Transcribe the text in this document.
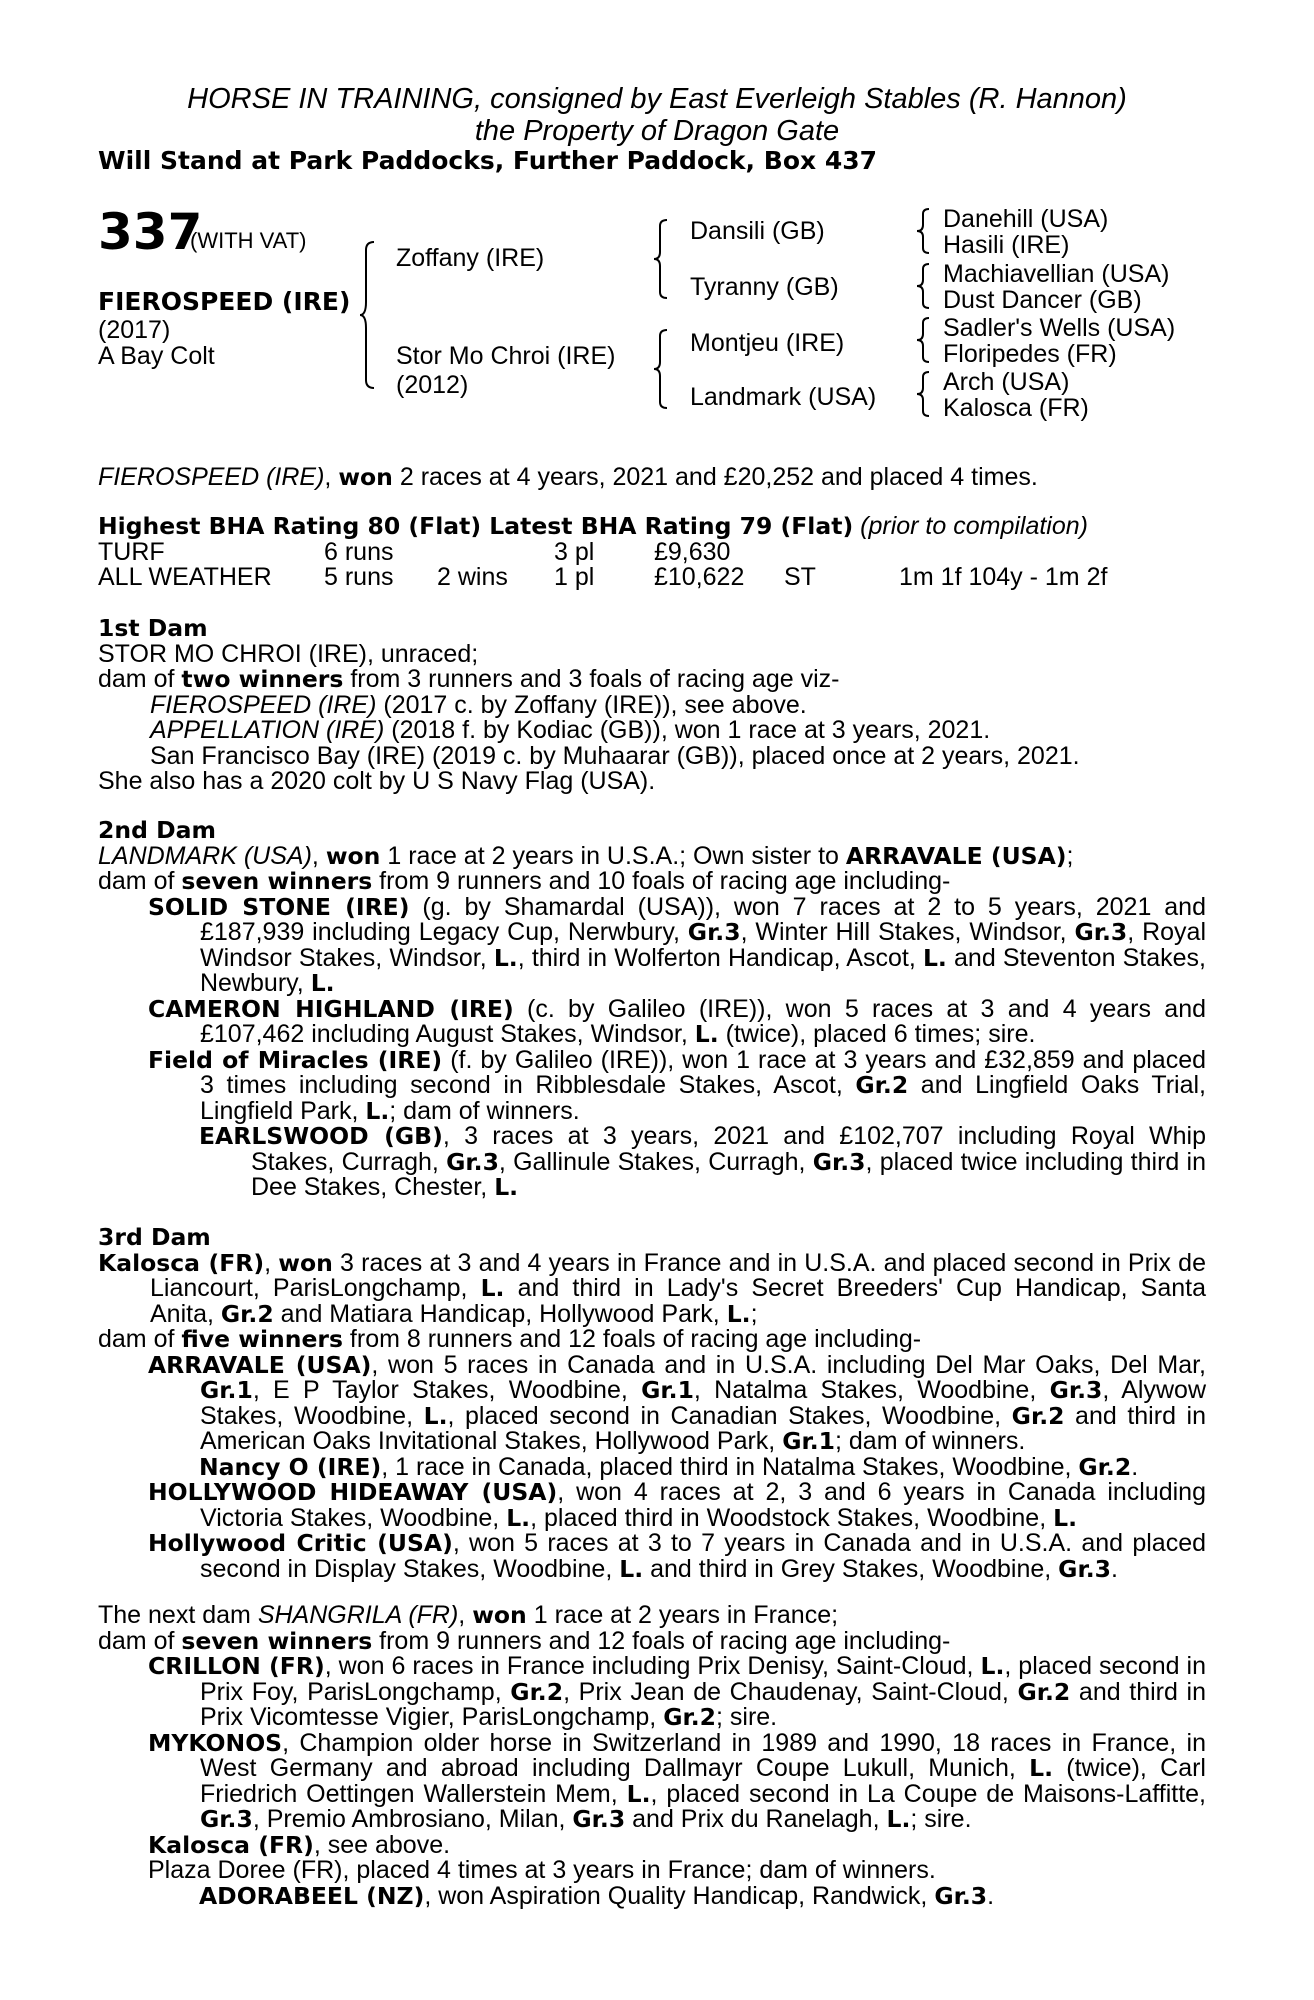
HORSE IN TRAINING, consigned by East Everleigh Stables (R. Hannon)
the Property of Dragon Gate
Will Stand at Park Paddocks, Further Paddock, Box 437
337
(WITH VAT)
FIEROSPEED (IRE)
(2017)
A Bay Colt
Zoffany (IRE)
Stor Mo Chroi (IRE)
(2012)
Dansili (GB)
Tyranny (GB)
Montjeu (IRE)
Landmark (USA)
Danehill (USA)
Hasili (IRE)
Machiavellian (USA)
Dust Dancer (GB)
Sadler's Wells (USA)
Floripedes (FR)
Arch (USA)
Kalosca (FR)

FIEROSPEED (IRE), won 2 races at 4 years, 2021 and £20,252 and placed 4 times.

Highest BHA Rating 80 (Flat) Latest BHA Rating 79 (Flat) (prior to compilation)

TURF	6 runs		3 pl	£9,630		
ALL WEATHER	5 runs	2 wins	1 pl	£10,622	ST	1m 1f 104y - 1m 2f

1st Dam

STOR MO CHROI (IRE), unraced;

dam of two winners from 3 runners and 3 foals of racing age viz-

FIEROSPEED (IRE) (2017 c. by Zoffany (IRE)), see above.

APPELLATION (IRE) (2018 f. by Kodiac (GB)), won 1 race at 3 years, 2021.

San Francisco Bay (IRE) (2019 c. by Muhaarar (GB)), placed once at 2 years, 2021.

She also has a 2020 colt by U S Navy Flag (USA).

2nd Dam

LANDMARK (USA), won 1 race at 2 years in U.S.A.; Own sister to ARRAVALE (USA);

dam of seven winners from 9 runners and 10 foals of racing age including-

SOLID STONE (IRE) (g. by Shamardal (USA)), won 7 races at 2 to 5 years, 2021 and £187,939 including Legacy Cup, Nerwbury, Gr.3, Winter Hill Stakes, Windsor, Gr.3, Royal Windsor Stakes, Windsor, L., third in Wolferton Handicap, Ascot, L. and Steventon Stakes, Newbury, L.

CAMERON HIGHLAND (IRE) (c. by Galileo (IRE)), won 5 races at 3 and 4 years and £107,462 including August Stakes, Windsor, L. (twice), placed 6 times; sire.

Field of Miracles (IRE) (f. by Galileo (IRE)), won 1 race at 3 years and £32,859 and placed 3 times including second in Ribblesdale Stakes, Ascot, Gr.2 and Lingfield Oaks Trial, Lingfield Park, L.; dam of winners.

EARLSWOOD (GB), 3 races at 3 years, 2021 and £102,707 including Royal Whip Stakes, Curragh, Gr.3, Gallinule Stakes, Curragh, Gr.3, placed twice including third in Dee Stakes, Chester, L.

3rd Dam

Kalosca (FR), won 3 races at 3 and 4 years in France and in U.S.A. and placed second in Prix de Liancourt, ParisLongchamp, L. and third in Lady's Secret Breeders' Cup Handicap, Santa Anita, Gr.2 and Matiara Handicap, Hollywood Park, L.;

dam of five winners from 8 runners and 12 foals of racing age including-

ARRAVALE (USA), won 5 races in Canada and in U.S.A. including Del Mar Oaks, Del Mar, Gr.1, E P Taylor Stakes, Woodbine, Gr.1, Natalma Stakes, Woodbine, Gr.3, Alywow Stakes, Woodbine, L., placed second in Canadian Stakes, Woodbine, Gr.2 and third in American Oaks Invitational Stakes, Hollywood Park, Gr.1; dam of winners.

Nancy O (IRE), 1 race in Canada, placed third in Natalma Stakes, Woodbine, Gr.2.

HOLLYWOOD HIDEAWAY (USA), won 4 races at 2, 3 and 6 years in Canada including Victoria Stakes, Woodbine, L., placed third in Woodstock Stakes, Woodbine, L.

Hollywood Critic (USA), won 5 races at 3 to 7 years in Canada and in U.S.A. and placed second in Display Stakes, Woodbine, L. and third in Grey Stakes, Woodbine, Gr.3.

The next dam SHANGRILA (FR), won 1 race at 2 years in France;

dam of seven winners from 9 runners and 12 foals of racing age including-

CRILLON (FR), won 6 races in France including Prix Denisy, Saint-Cloud, L., placed second in Prix Foy, ParisLongchamp, Gr.2, Prix Jean de Chaudenay, Saint-Cloud, Gr.2 and third in Prix Vicomtesse Vigier, ParisLongchamp, Gr.2; sire.

MYKONOS, Champion older horse in Switzerland in 1989 and 1990, 18 races in France, in West Germany and abroad including Dallmayr Coupe Lukull, Munich, L. (twice), Carl Friedrich Oettingen Wallerstein Mem, L., placed second in La Coupe de Maisons-Laffitte, Gr.3, Premio Ambrosiano, Milan, Gr.3 and Prix du Ranelagh, L.; sire.

Kalosca (FR), see above.

Plaza Doree (FR), placed 4 times at 3 years in France; dam of winners.

ADORABEEL (NZ), won Aspiration Quality Handicap, Randwick, Gr.3.
